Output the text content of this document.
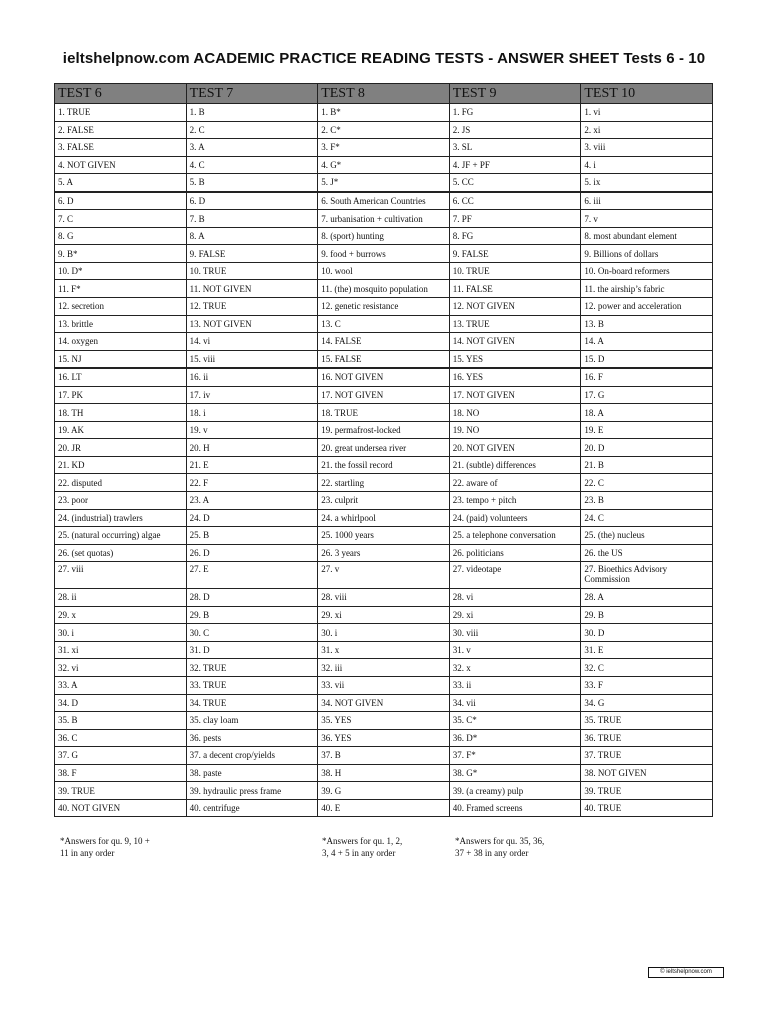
ieltshelpnow.com ACADEMIC PRACTICE READING TESTS - ANSWER SHEET Tests 6 - 10
TEST 6	TEST 7	TEST 8	TEST 9	TEST 10
1. TRUE	1. B	1. B*	1. FG	1. vi
2. FALSE	2. C	2. C*	2. JS	2. xi
3. FALSE	3. A	3. F*	3. SL	3. viii
4. NOT GIVEN	4. C	4. G*	4. JF + PF	4. i
5. A	5. B	5. J*	5. CC	5. ix
6. D	6. D	6. South American Countries	6. CC	6. iii
7. C	7. B	7. urbanisation + cultivation	7. PF	7. v
8. G	8. A	8. (sport) hunting	8. FG	8. most abundant element
9. B*	9. FALSE	9. food + burrows	9. FALSE	9. Billions of dollars
10. D*	10. TRUE	10. wool	10. TRUE	10. On-board reformers
11. F*	11. NOT GIVEN	11. (the) mosquito population	11. FALSE	11. the airship’s fabric
12. secretion	12. TRUE	12. genetic resistance	12. NOT GIVEN	12. power and acceleration
13. brittle	13. NOT GIVEN	13. C	13. TRUE	13. B
14. oxygen	14. vi	14. FALSE	14. NOT GIVEN	14. A
15. NJ	15. viii	15. FALSE	15. YES	15. D
16. LT	16. ii	16. NOT GIVEN	16. YES	16. F
17. PK	17. iv	17. NOT GIVEN	17. NOT GIVEN	17. G
18. TH	18. i	18. TRUE	18. NO	18. A
19. AK	19. v	19. permafrost-locked	19. NO	19. E
20. JR	20. H	20. great undersea river	20. NOT GIVEN	20. D
21. KD	21. E	21. the fossil record	21. (subtle) differences	21. B
22. disputed	22. F	22. startling	22. aware of	22. C
23. poor	23. A	23. culprit	23. tempo + pitch	23. B
24. (industrial) trawlers	24. D	24. a whirlpool	24. (paid) volunteers	24. C
25. (natural occurring) algae	25. B	25. 1000 years	25. a telephone conversation	25. (the) nucleus
26. (set quotas)	26. D	26. 3 years	26. politicians	26. the US
27. viii	27. E	27. v	27. videotape	27. Bioethics Advisory Commission
28. ii	28. D	28. viii	28. vi	28. A
29. x	29. B	29. xi	29. xi	29. B
30. i	30. C	30. i	30. viii	30. D
31. xi	31. D	31. x	31. v	31. E
32. vi	32. TRUE	32. iii	32. x	32. C
33. A	33. TRUE	33. vii	33. ii	33. F
34. D	34. TRUE	34. NOT GIVEN	34. vii	34. G
35. B	35. clay loam	35. YES	35. C*	35. TRUE
36. C	36. pests	36. YES	36. D*	36. TRUE
37. G	37. a decent crop/yields	37. B	37. F*	37. TRUE
38. F	38. paste	38. H	38. G*	38. NOT GIVEN
39. TRUE	39. hydraulic press frame	39. G	39. (a creamy) pulp	39. TRUE
40. NOT GIVEN	40. centrifuge	40. E	40. Framed screens	40. TRUE
*Answers for qu. 9, 10 + 11 in any order
*Answers for qu. 1, 2, 3, 4 + 5 in any order
*Answers for qu. 35, 36, 37 + 38 in any order
© ieltshelpnow.com
